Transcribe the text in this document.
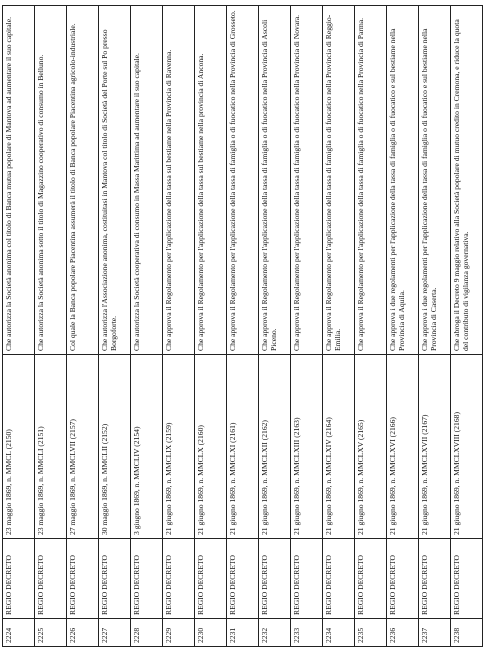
2224	REGIO DECRETO	23 maggio 1869, n. MMCL (2150)	Che autorizza la Società anonima col titolo di Banca mutua popolare di Mantova ad aumentare il suo capitale.
2225	REGIO DECRETO	23 maggio 1869, n. MMCLI (2151)	Che autorizza la Società anonima sotto il titolo di Magazzino cooperativo di consumo in Belluno.
2226	REGIO DECRETO	27 maggio 1869, n. MMCLVII (2157)	Col quale la Banca popolare Piacentina assumerà il titolo di Banca popolare Piacentina agricolo-industriale.
2227	REGIO DECRETO	30 maggio 1869, n. MMCLII (2152)	Che autorizza l'Associazione anonima, costituitasi in Mantova col titolo di Società del Porte sul Po presso Borgoforte.
2228	REGIO DECRETO	3 giugno 1869, n. MMCLIV (2154)	Che autorizza la Società cooperativa di consumo in Massa Marittima ad aumentare il suo capitale.
2229	REGIO DECRETO	21 giugno 1869, n. MMCLIX (2159)	Che approva il Regolamento per l'applicazione della tassa sul bestiame nella Provincia di Ravenna.
2230	REGIO DECRETO	21 giugno 1869, n. MMCLX (2160)	Che approva il Regolamento per l'applicazione della tassa sul bestiame nella provincia di Ancona.
2231	REGIO DECRETO	21 giugno 1869, n. MMCLXI (2161)	Che approva il Regolamento per l'applicazione della tassa di famiglia o di fuocatico nella Provincia di Grosseto.
2232	REGIO DECRETO	21 giugno 1869, n. MMCLXII (2162)	Che approva il Regolamento per l'applicazione della tassa di famiglia o di fuocatico nella Provincia di Ascoli Piceno.
2233	REGIO DECRETO	21 giugno 1869, n. MMCLXIII (2163)	Che approva il Regolamento per l'applicazione della tassa di famiglia o di fuocatico nella Provincia di Novara.
2234	REGIO DECRETO	21 giugno 1869, n. MMCLXIV (2164)	Che approva il Regolamento per l'applicazione della tassa di famiglia o di fuocatico nella Provincia di Reggio-Emilia.
2235	REGIO DECRETO	21 giugno 1869, n. MMCLXV (2165)	Che approva il Regolamento per l'applicazione della tassa di famiglia o di fuocatico nella Provincia di Parma.
2236	REGIO DECRETO	21 giugno 1869, n. MMCLXVI (2166)	Che approva i due regolamenti per l'applicazione della tassa di famiglia o di fuocatico e sul bestiame nella Provincia di Aquila.
2237	REGIO DECRETO	21 giugno 1869, n. MMCLXVII (2167)	Che approva i due regolamenti per l'applicazione della tassa di famiglia o di fuocatico e sul bestiame nella Provincia di Caserta.
2238	REGIO DECRETO	21 giugno 1869, n. MMCLXVIII (2168)	Che abroga il Decreto 9 maggio relativo alla Società popolare di mutuo credito in Cremona, e riduce la quota del contributo di vigilanza governativa.
